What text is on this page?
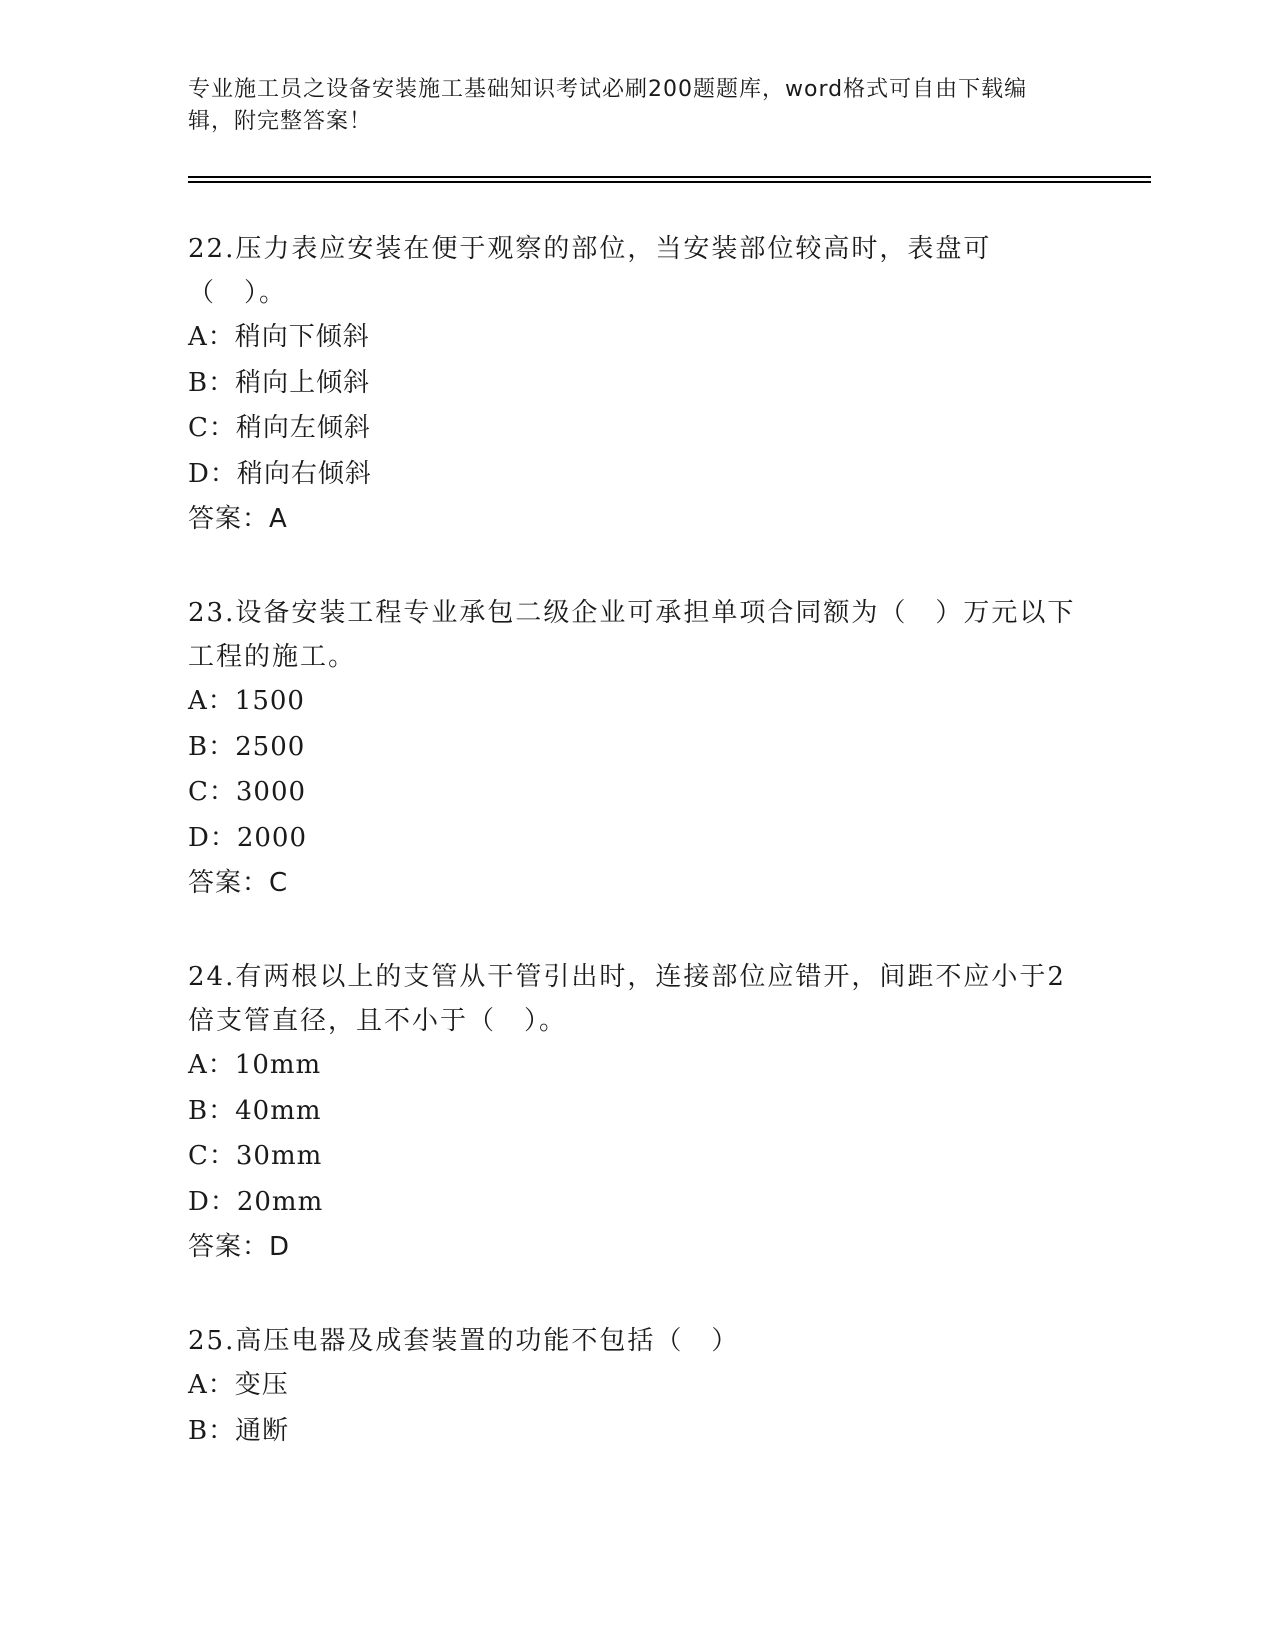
专业施工员之设备安装施工基础知识考试必刷200题题库，word格式可自由下载编辑，附完整答案！

22.压力表应安装在便于观察的部位，当安装部位较高时，表盘可（　）。

A：稍向下倾斜

B：稍向上倾斜

C：稍向左倾斜

D：稍向右倾斜

答案：A

23.设备安装工程专业承包二级企业可承担单项合同额为（　）万元以下工程的施工。

A：1500

B：2500

C：3000

D：2000

答案：C

24.有两根以上的支管从干管引出时，连接部位应错开，间距不应小于2倍支管直径，且不小于（　）。

A：10mm

B：40mm

C：30mm

D：20mm

答案：D

25.高压电器及成套装置的功能不包括（　）

A：变压

B：通断
